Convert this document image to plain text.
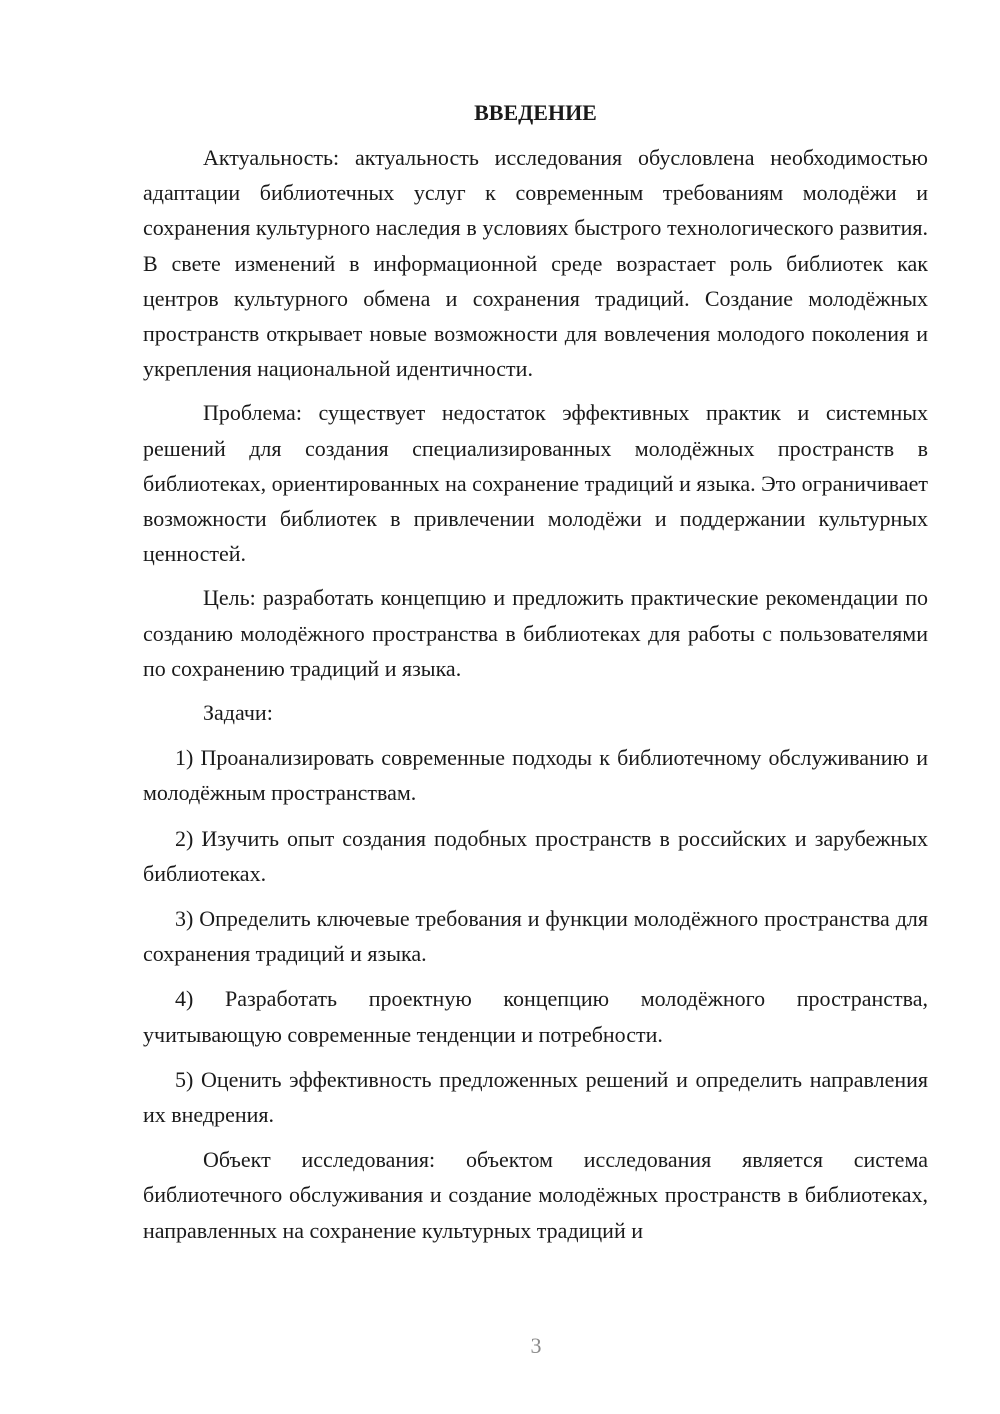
ВВЕДЕНИЕ

Актуальность: актуальность исследования обусловлена необходимостью адаптации библиотечных услуг к современным требованиям молодёжи и сохранения культурного наследия в условиях быстрого технологического развития. В свете изменений в информационной среде возрастает роль библиотек как центров культурного обмена и сохранения традиций. Создание молодёжных пространств открывает новые возможности для вовлечения молодого поколения и укрепления национальной идентичности.

Проблема: существует недостаток эффективных практик и системных решений для создания специализированных молодёжных пространств в библиотеках, ориентированных на сохранение традиций и языка. Это ограничивает возможности библиотек в привлечении молодёжи и поддержании культурных ценностей.

Цель: разработать концепцию и предложить практические рекомендации по созданию молодёжного пространства в библиотеках для работы с пользователями по сохранению традиций и языка.

Задачи:

1) Проанализировать современные подходы к библиотечному обслуживанию и молодёжным пространствам.

2) Изучить опыт создания подобных пространств в российских и зарубежных библиотеках.

3) Определить ключевые требования и функции молодёжного пространства для сохранения традиций и языка.

4) Разработать проектную концепцию молодёжного пространства, учитывающую современные тенденции и потребности.

5) Оценить эффективность предложенных решений и определить направления их внедрения.

Объект исследования: объектом исследования является система библиотечного обслуживания и создание молодёжных пространств в библиотеках, направленных на сохранение культурных традиций и

3
